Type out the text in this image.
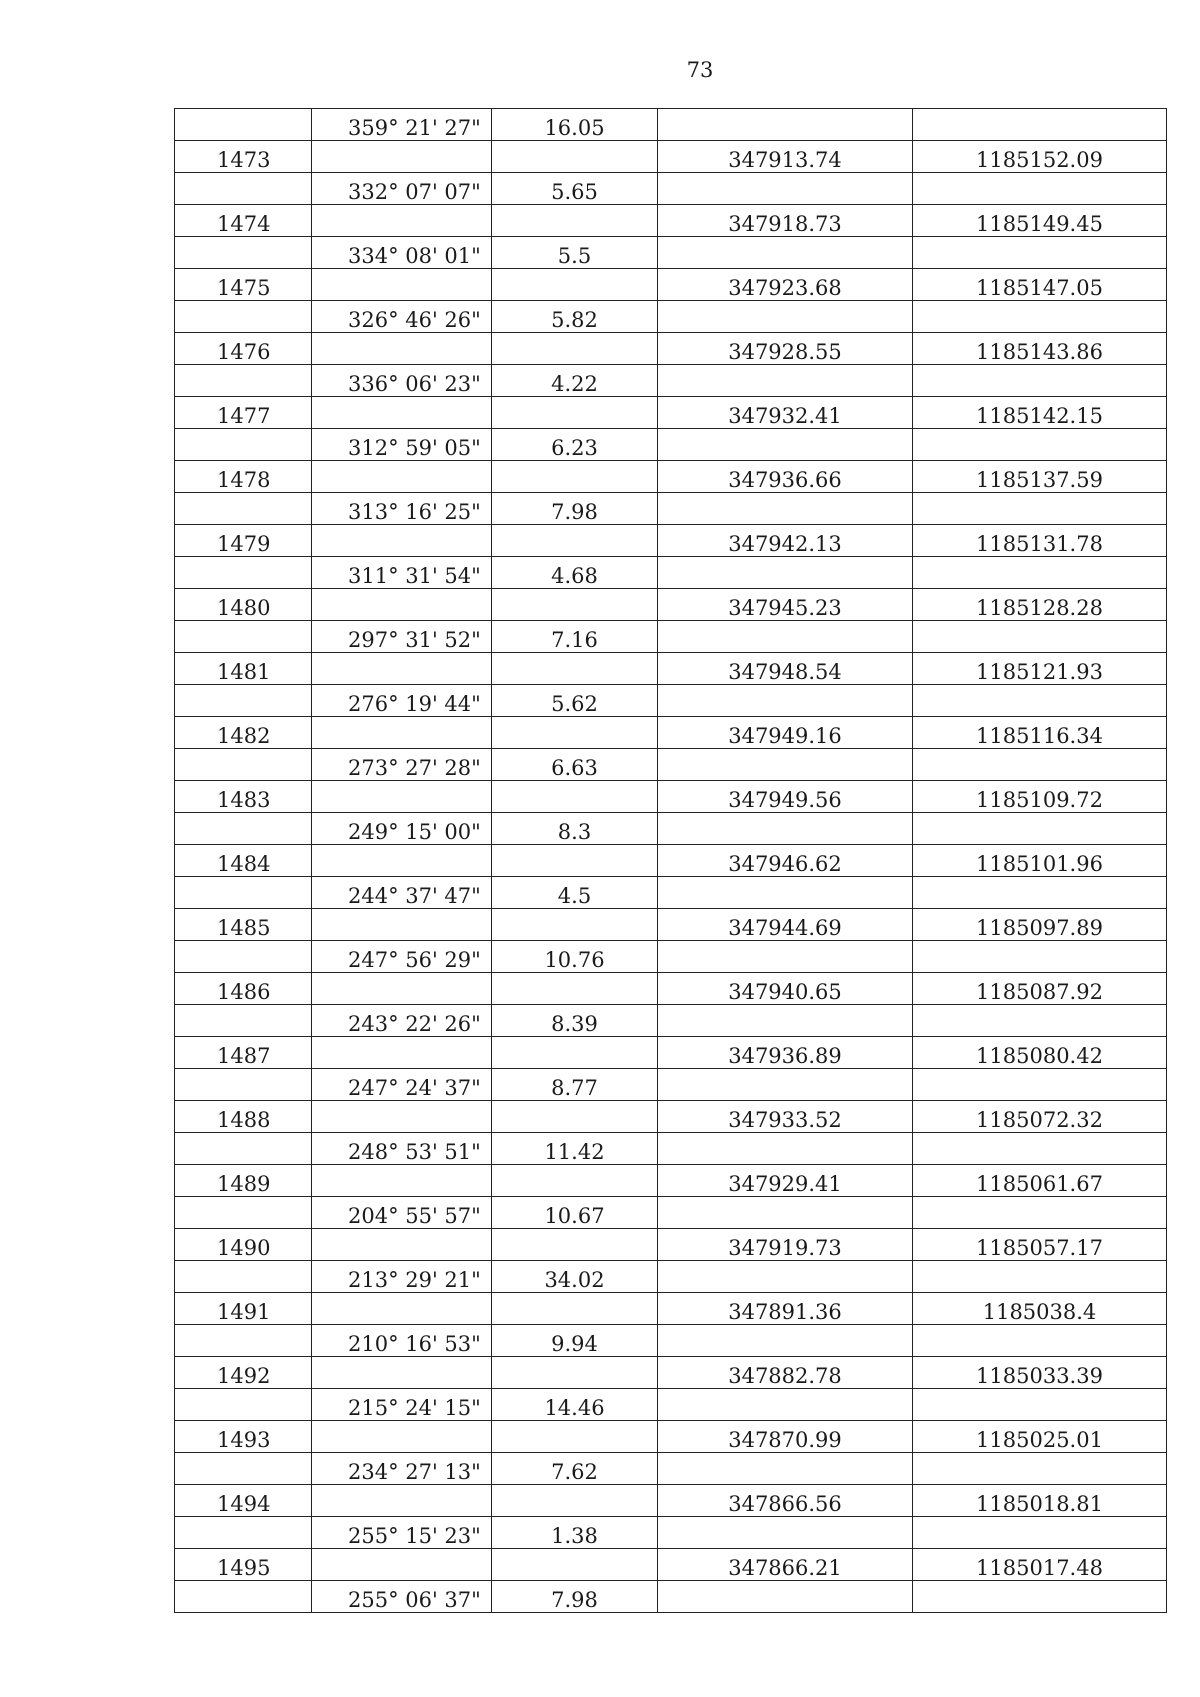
73
	359° 21' 27"	16.05		
1473			347913.74	1185152.09
	332° 07' 07"	5.65		
1474			347918.73	1185149.45
	334° 08' 01"	5.5		
1475			347923.68	1185147.05
	326° 46' 26"	5.82		
1476			347928.55	1185143.86
	336° 06' 23"	4.22		
1477			347932.41	1185142.15
	312° 59' 05"	6.23		
1478			347936.66	1185137.59
	313° 16' 25"	7.98		
1479			347942.13	1185131.78
	311° 31' 54"	4.68		
1480			347945.23	1185128.28
	297° 31' 52"	7.16		
1481			347948.54	1185121.93
	276° 19' 44"	5.62		
1482			347949.16	1185116.34
	273° 27' 28"	6.63		
1483			347949.56	1185109.72
	249° 15' 00"	8.3		
1484			347946.62	1185101.96
	244° 37' 47"	4.5		
1485			347944.69	1185097.89
	247° 56' 29"	10.76		
1486			347940.65	1185087.92
	243° 22' 26"	8.39		
1487			347936.89	1185080.42
	247° 24' 37"	8.77		
1488			347933.52	1185072.32
	248° 53' 51"	11.42		
1489			347929.41	1185061.67
	204° 55' 57"	10.67		
1490			347919.73	1185057.17
	213° 29' 21"	34.02		
1491			347891.36	1185038.4
	210° 16' 53"	9.94		
1492			347882.78	1185033.39
	215° 24' 15"	14.46		
1493			347870.99	1185025.01
	234° 27' 13"	7.62		
1494			347866.56	1185018.81
	255° 15' 23"	1.38		
1495			347866.21	1185017.48
	255° 06' 37"	7.98		
